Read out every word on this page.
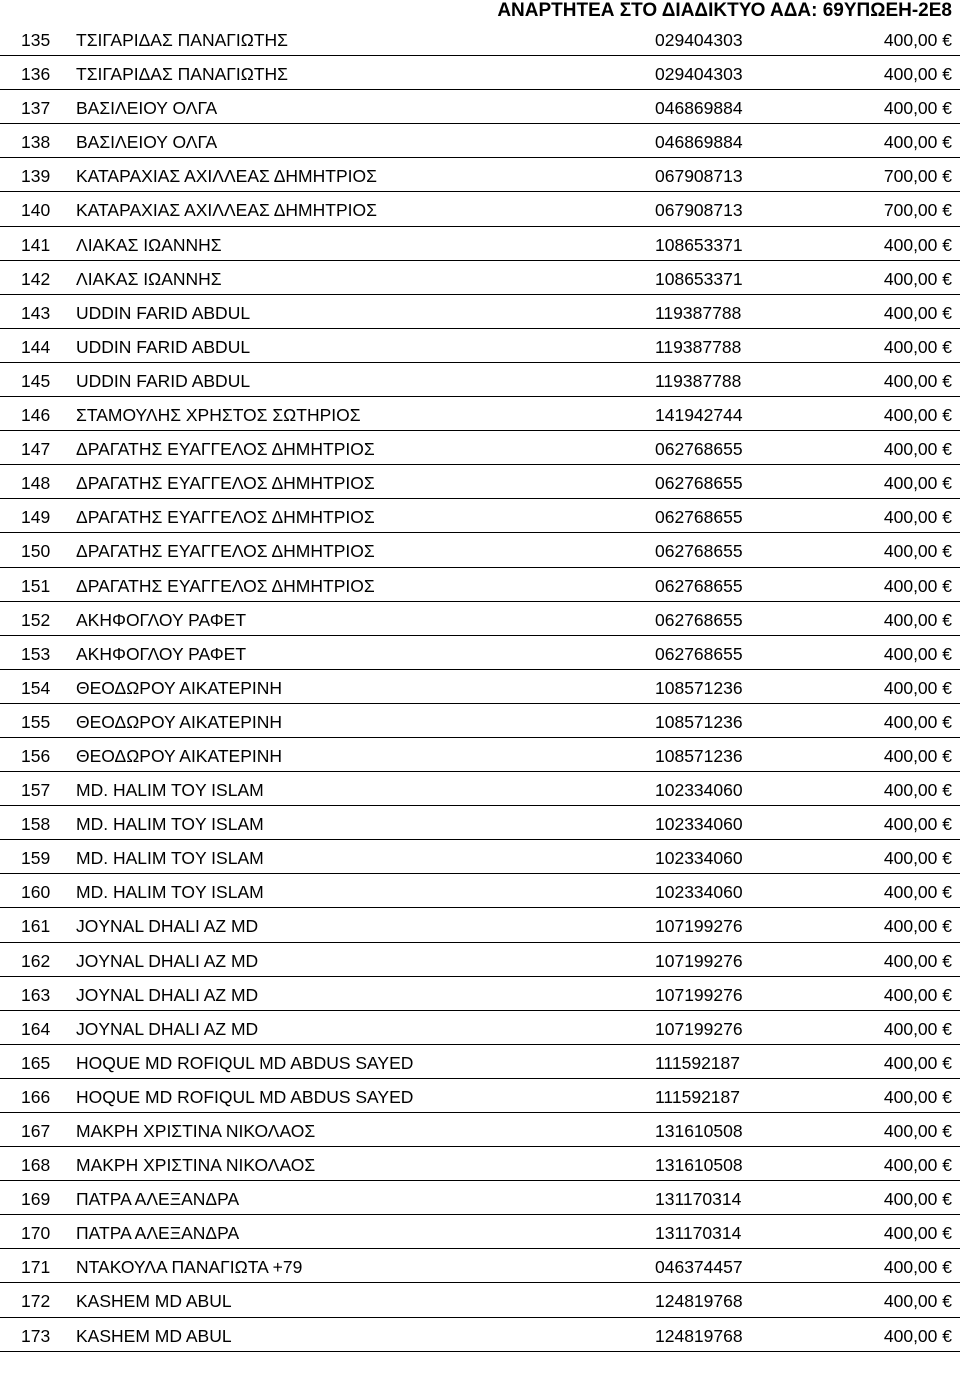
ΑΝΑΡΤΗΤΕΑ ΣΤΟ ΔΙΑΔΙΚΤΥΟ ΑΔΑ: 69ΥΠΩΕΗ-2Ε8
135 ΤΣΙΓΑΡΙΔΑΣ ΠΑΝΑΓΙΩΤΗΣ	029404303	400,00 €
136 ΤΣΙΓΑΡΙΔΑΣ ΠΑΝΑΓΙΩΤΗΣ	029404303	400,00 €
137 ΒΑΣΙΛΕΙΟΥ ΟΛΓΑ	046869884	400,00 €
138 ΒΑΣΙΛΕΙΟΥ ΟΛΓΑ	046869884	400,00 €
139 ΚΑΤΑΡΑΧΙΑΣ ΑΧΙΛΛΕΑΣ ΔΗΜΗΤΡΙΟΣ	067908713	700,00 €
140 ΚΑΤΑΡΑΧΙΑΣ ΑΧΙΛΛΕΑΣ ΔΗΜΗΤΡΙΟΣ	067908713	700,00 €
141 ΛΙΑΚΑΣ ΙΩΑΝΝΗΣ	108653371	400,00 €
142 ΛΙΑΚΑΣ ΙΩΑΝΝΗΣ	108653371	400,00 €
143 UDDIN FARID ABDUL	119387788	400,00 €
144 UDDIN FARID ABDUL	119387788	400,00 €
145 UDDIN FARID ABDUL	119387788	400,00 €
146 ΣΤΑΜΟΥΛΗΣ ΧΡΗΣΤΟΣ ΣΩΤΗΡΙΟΣ	141942744	400,00 €
147 ΔΡΑΓΑΤΗΣ ΕΥΑΓΓΕΛΟΣ ΔΗΜΗΤΡΙΟΣ	062768655	400,00 €
148 ΔΡΑΓΑΤΗΣ ΕΥΑΓΓΕΛΟΣ ΔΗΜΗΤΡΙΟΣ	062768655	400,00 €
149 ΔΡΑΓΑΤΗΣ ΕΥΑΓΓΕΛΟΣ ΔΗΜΗΤΡΙΟΣ	062768655	400,00 €
150 ΔΡΑΓΑΤΗΣ ΕΥΑΓΓΕΛΟΣ ΔΗΜΗΤΡΙΟΣ	062768655	400,00 €
151 ΔΡΑΓΑΤΗΣ ΕΥΑΓΓΕΛΟΣ ΔΗΜΗΤΡΙΟΣ	062768655	400,00 €
152 ΑΚΗΦΟΓΛΟΥ ΡΑΦΕΤ	062768655	400,00 €
153 ΑΚΗΦΟΓΛΟΥ ΡΑΦΕΤ	062768655	400,00 €
154 ΘΕΟΔΩΡΟΥ ΑΙΚΑΤΕΡΙΝΗ	108571236	400,00 €
155 ΘΕΟΔΩΡΟΥ ΑΙΚΑΤΕΡΙΝΗ	108571236	400,00 €
156 ΘΕΟΔΩΡΟΥ ΑΙΚΑΤΕΡΙΝΗ	108571236	400,00 €
157 MD. HALIM TOY ISLAM	102334060	400,00 €
158 MD. HALIM TOY ISLAM	102334060	400,00 €
159 MD. HALIM TOY ISLAM	102334060	400,00 €
160 MD. HALIM TOY ISLAM	102334060	400,00 €
161 JOYNAL DHALI AZ MD	107199276	400,00 €
162 JOYNAL DHALI AZ MD	107199276	400,00 €
163 JOYNAL DHALI AZ MD	107199276	400,00 €
164 JOYNAL DHALI AZ MD	107199276	400,00 €
165 HOQUE MD ROFIQUL MD ABDUS SAYED	111592187	400,00 €
166 HOQUE MD ROFIQUL MD ABDUS SAYED	111592187	400,00 €
167 ΜΑΚΡΗ ΧΡΙΣΤΙΝΑ ΝΙΚΟΛΑΟΣ	131610508	400,00 €
168 ΜΑΚΡΗ ΧΡΙΣΤΙΝΑ ΝΙΚΟΛΑΟΣ	131610508	400,00 €
169 ΠΑΤΡΑ ΑΛΕΞΑΝΔΡΑ	131170314	400,00 €
170 ΠΑΤΡΑ ΑΛΕΞΑΝΔΡΑ	131170314	400,00 €
171 ΝΤΑΚΟΥΛΑ ΠΑΝΑΓΙΩΤΑ +79	046374457	400,00 €
172 KASHEM MD ABUL	124819768	400,00 €
173 KASHEM MD ABUL	124819768	400,00 €
